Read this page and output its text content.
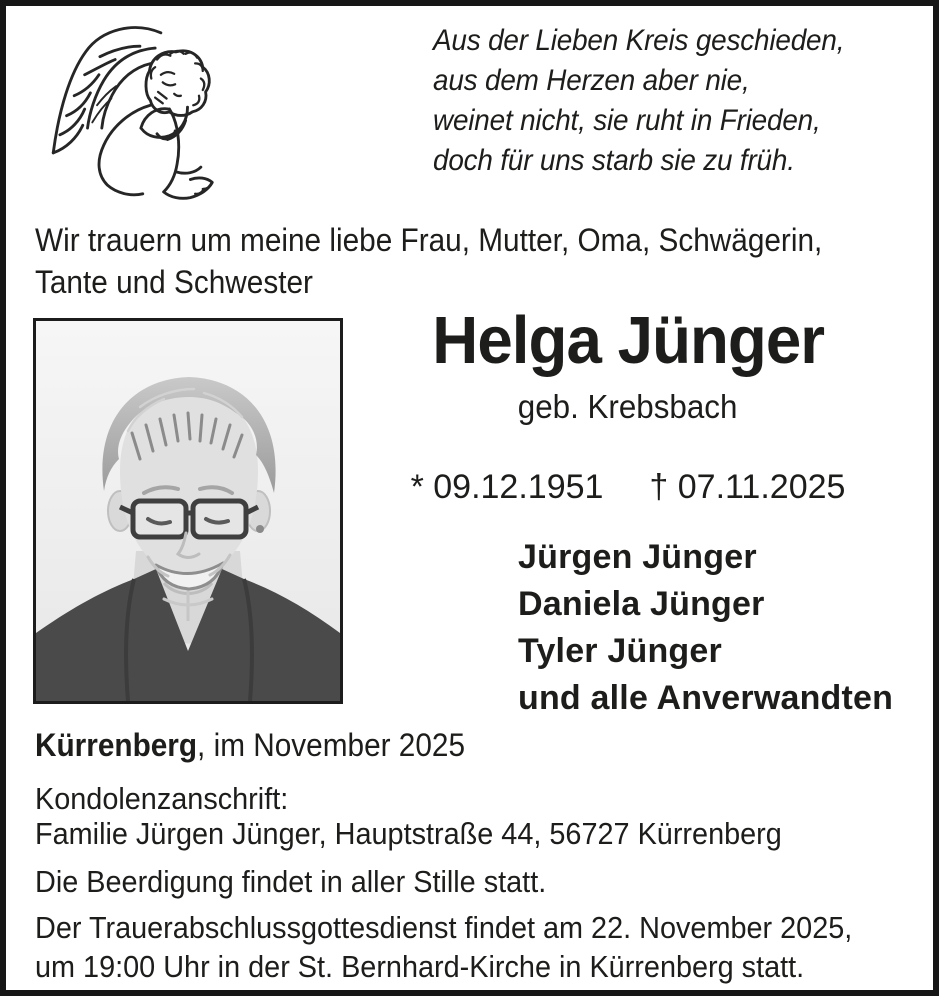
Aus der Lieben Kreis geschieden,
aus dem Herzen aber nie,
weinet nicht, sie ruht in Frieden,
doch für uns starb sie zu früh.
Wir trauern um meine liebe Frau, Mutter, Oma, Schwägerin,
Tante und Schwester
Helga Jünger
geb. Krebsbach
* 09.12.1951 † 07.11.2025
Jürgen Jünger
Daniela Jünger
Tyler Jünger
und alle Anverwandten
Kürrenberg, im November 2025
Kondolenzanschrift:
Familie Jürgen Jünger, Hauptstraße 44, 56727 Kürrenberg
Die Beerdigung findet in aller Stille statt.
Der Trauerabschlussgottesdienst findet am 22. November 2025,
um 19:00 Uhr in der St. Bernhard-Kirche in Kürrenberg statt.
